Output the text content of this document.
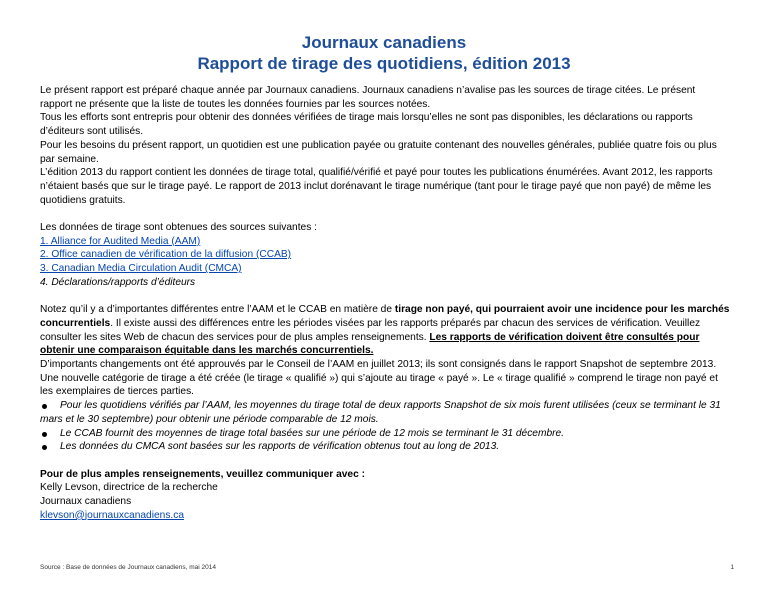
Journaux canadiens
Rapport de tirage des quotidiens, édition 2013

Le présent rapport est préparé chaque année par Journaux canadiens. Journaux canadiens n’avalise pas les sources de tirage citées. Le présent rapport ne présente que la liste de toutes les données fournies par les sources notées.

Tous les efforts sont entrepris pour obtenir des données vérifiées de tirage mais lorsqu’elles ne sont pas disponibles, les déclarations ou rapports d’éditeurs sont utilisés.

Pour les besoins du présent rapport, un quotidien est une publication payée ou gratuite contenant des nouvelles générales, publiée quatre fois ou plus par semaine.

L’édition 2013 du rapport contient les données de tirage total, qualifié/vérifié et payé pour toutes les publications énumérées. Avant 2012, les rapports n’étaient basés que sur le tirage payé. Le rapport de 2013 inclut dorénavant le tirage numérique (tant pour le tirage payé que non payé) de même les quotidiens gratuits.

Les données de tirage sont obtenues des sources suivantes :

1. Alliance for Audited Media (AAM)

2. Office canadien de vérification de la diffusion (CCAB)

3. Canadian Media Circulation Audit (CMCA)

4. Déclarations/rapports d’éditeurs

Notez qu’il y a d’importantes différentes entre l’AAM et le CCAB en matière de tirage non payé, qui pourraient avoir une incidence pour les marchés concurrentiels. Il existe aussi des différences entre les périodes visées par les rapports préparés par chacun des services de vérification. Veuillez consulter les sites Web de chacun des services pour de plus amples renseignements. Les rapports de vérification doivent être consultés pour obtenir une comparaison équitable dans les marchés concurrentiels.

D’importants changements ont été approuvés par le Conseil de l’AAM en juillet 2013; ils sont consignés dans le rapport Snapshot de septembre 2013. Une nouvelle catégorie de tirage a été créée (le tirage « qualifié ») qui s’ajoute au tirage « payé ». Le « tirage qualifié » comprend le tirage non payé et les exemplaires de tierces parties.

Pour les quotidiens vérifiés par l’AAM, les moyennes du tirage total de deux rapports Snapshot de six mois furent utilisées (ceux se terminant le 31 mars et le 30 septembre) pour obtenir une période comparable de 12 mois.
Le CCAB fournit des moyennes de tirage total basées sur une période de 12 mois se terminant le 31 décembre.
Les données du CMCA sont basées sur les rapports de vérification obtenus tout au long de 2013.

Pour de plus amples renseignements, veuillez communiquer avec :

Kelly Levson, directrice de la recherche

Journaux canadiens

klevson@journauxcanadiens.ca

Source : Base de données de Journaux canadiens, mai 2014	1
